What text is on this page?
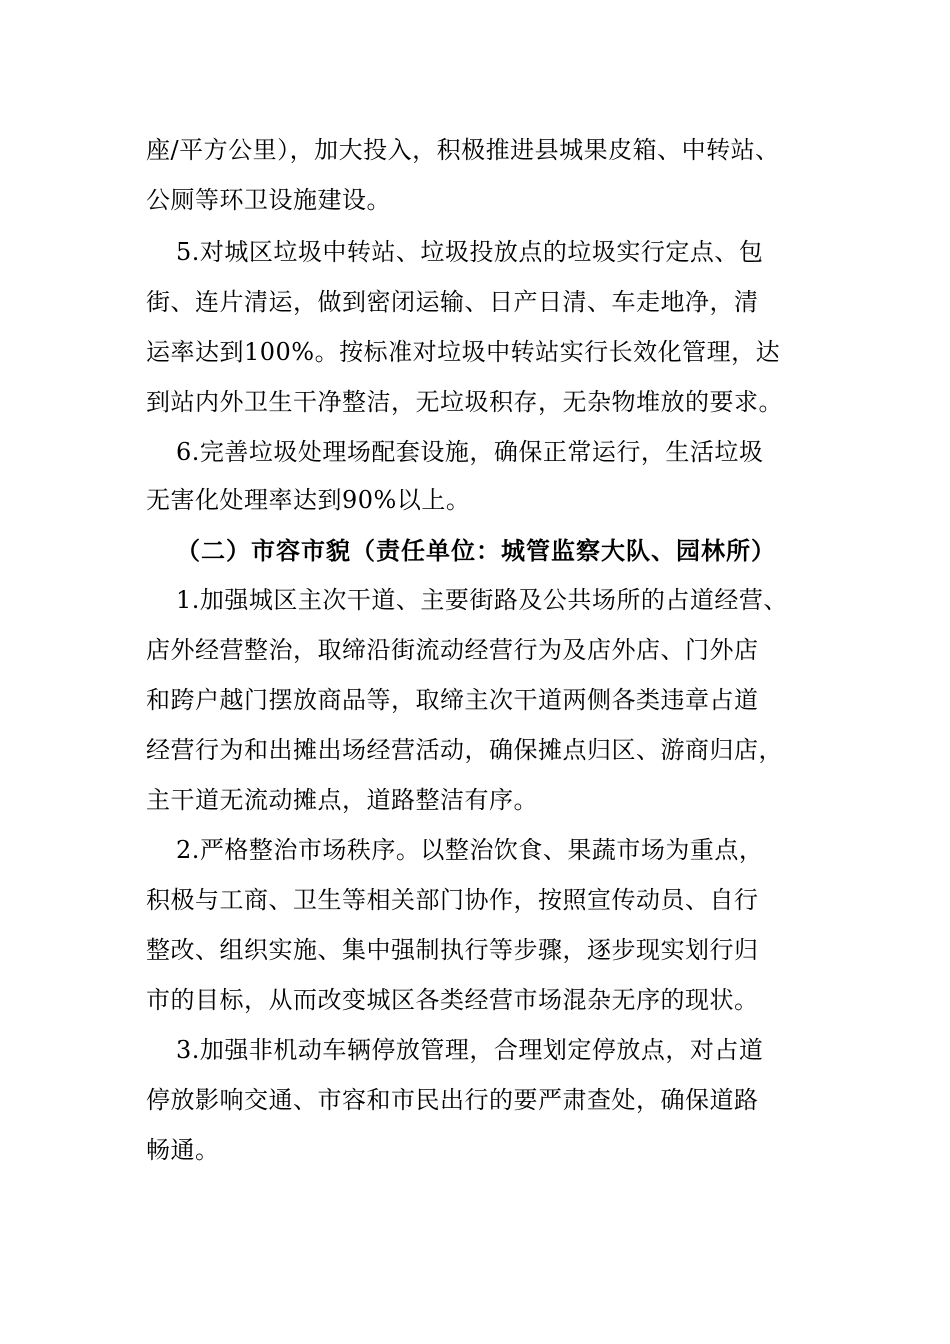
座/平方公里），加大投入，积极推进县城果皮箱、中转站、
公厕等环卫设施建设。
5.对城区垃圾中转站、垃圾投放点的垃圾实行定点、包
街、连片清运，做到密闭运输、日产日清、车走地净，清
运率达到100%。按标准对垃圾中转站实行长效化管理，达
到站内外卫生干净整洁，无垃圾积存，无杂物堆放的要求。
6.完善垃圾处理场配套设施，确保正常运行，生活垃圾
无害化处理率达到90%以上。
（二）市容市貌（责任单位：城管监察大队、园林所）
1.加强城区主次干道、主要街路及公共场所的占道经营、
店外经营整治，取缔沿街流动经营行为及店外店、门外店
和跨户越门摆放商品等，取缔主次干道两侧各类违章占道
经营行为和出摊出场经营活动，确保摊点归区、游商归店，
主干道无流动摊点，道路整洁有序。
2.严格整治市场秩序。以整治饮食、果蔬市场为重点，
积极与工商、卫生等相关部门协作，按照宣传动员、自行
整改、组织实施、集中强制执行等步骤，逐步现实划行归
市的目标，从而改变城区各类经营市场混杂无序的现状。
3.加强非机动车辆停放管理，合理划定停放点，对占道
停放影响交通、市容和市民出行的要严肃查处，确保道路
畅通。
